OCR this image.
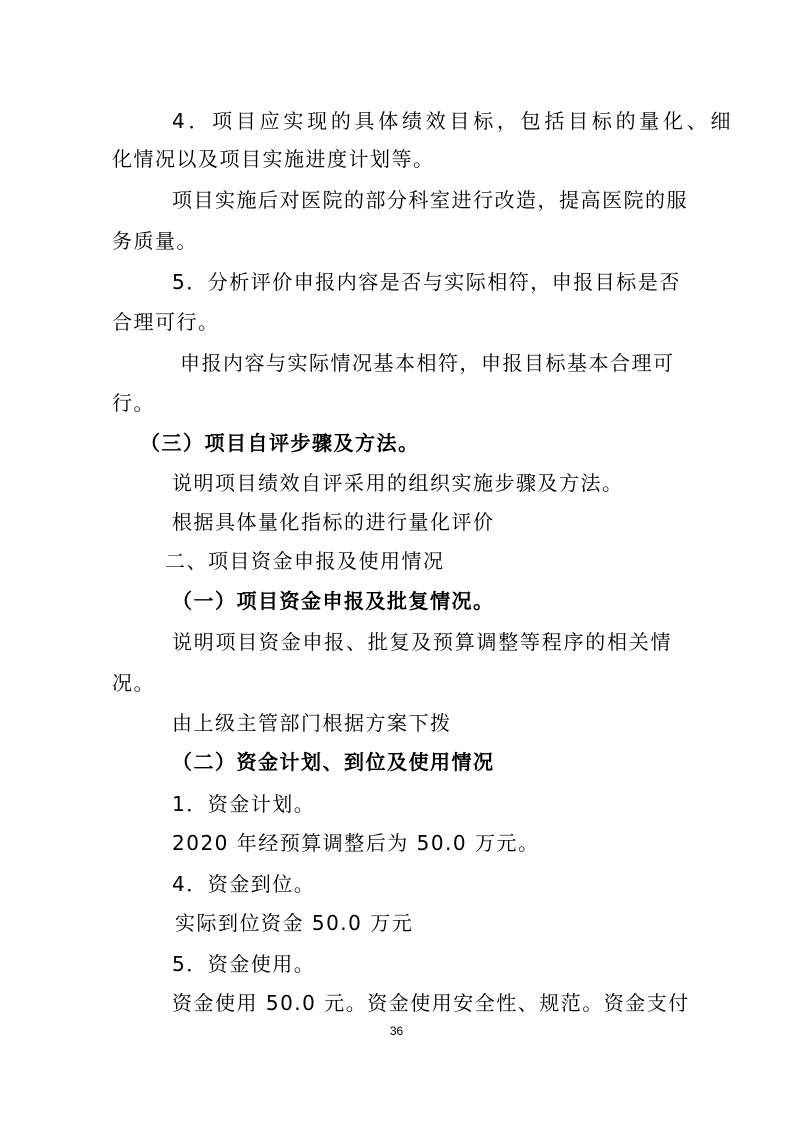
4．项目应实现的具体绩效目标，包括目标的量化、细
化情况以及项目实施进度计划等。
项目实施后对医院的部分科室进行改造，提高医院的服
务质量。
5．分析评价申报内容是否与实际相符，申报目标是否
合理可行。
申报内容与实际情况基本相符，申报目标基本合理可
行。
（三）项目自评步骤及方法。
说明项目绩效自评采用的组织实施步骤及方法。
根据具体量化指标的进行量化评价
二、项目资金申报及使用情况
（一）项目资金申报及批复情况。
说明项目资金申报、批复及预算调整等程序的相关情
况。
由上级主管部门根据方案下拨
（二）资金计划、到位及使用情况
1．资金计划。
2020 年经预算调整后为 50.0 万元。
4．资金到位。
实际到位资金 50.0 万元
5．资金使用。
资金使用 50.0 元。资金使用安全性、规范。资金支付
36
